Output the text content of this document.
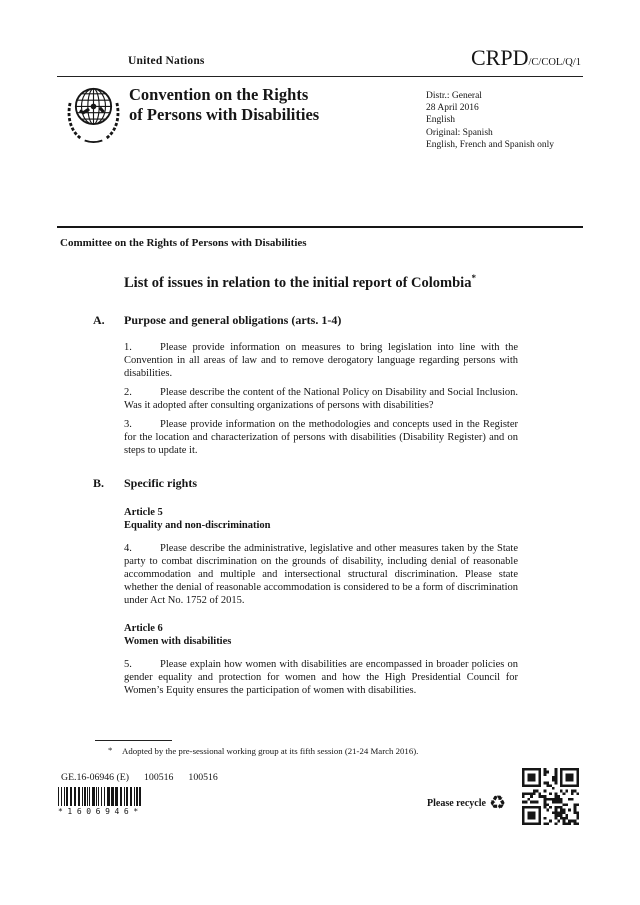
United Nations	CRPD/C/COL/Q/1
Convention on the Rights
of Persons with Disabilities
Distr.: General
28 April 2016
English
Original: Spanish
English, French and Spanish only
Committee on the Rights of Persons with Disabilities
List of issues in relation to the initial report of Colombia*
A.	Purpose and general obligations (arts. 1-4)

1.	Please provide information on measures to bring legislation into line with the Convention in all areas of law and to remove derogatory language regarding persons with disabilities.

2.	Please describe the content of the National Policy on Disability and Social Inclusion. Was it adopted after consulting organizations of persons with disabilities?

3.	Please provide information on the methodologies and concepts used in the Register for the location and characterization of persons with disabilities (Disability Register) and on steps to update it.

B.	Specific rights
Article 5
Equality and non-discrimination

4.	Please describe the administrative, legislative and other measures taken by the State party to combat discrimination on the grounds of disability, including denial of reasonable accommodation and multiple and intersectional structural discrimination. Please state whether the denial of reasonable accommodation is considered to be a form of discrimination under Act No. 1752 of 2015.

Article 6
Women with disabilities

5.	Please explain how women with disabilities are encompassed in broader policies on gender equality and protection for women and how the High Presidential Council for Women’s Equity ensures the participation of women with disabilities.

* Adopted by the pre-sessional working group at its fifth session (21-24 March 2016).
GE.16-06946 (E) 100516 100516
*1606946*
Please recycle ♻
